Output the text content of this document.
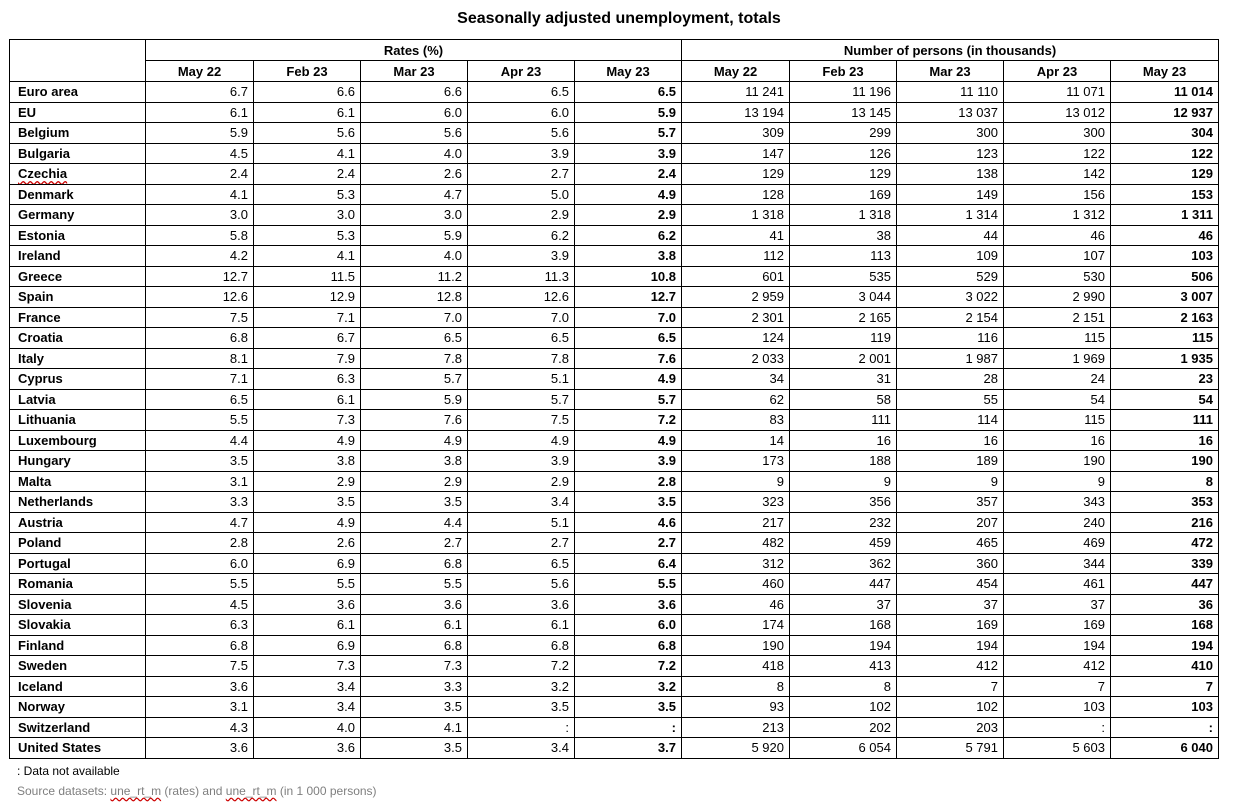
Seasonally adjusted unemployment, totals
	Rates (%)					Number of persons (in thousands)				
	May 22	Feb 23	Mar 23	Apr 23	May 23	May 22	Feb 23	Mar 23	Apr 23	May 23
Euro area	6.7	6.6	6.6	6.5	6.5	11 241	11 196	11 110	11 071	11 014
EU	6.1	6.1	6.0	6.0	5.9	13 194	13 145	13 037	13 012	12 937
Belgium	5.9	5.6	5.6	5.6	5.7	309	299	300	300	304
Bulgaria	4.5	4.1	4.0	3.9	3.9	147	126	123	122	122
Czechia	2.4	2.4	2.6	2.7	2.4	129	129	138	142	129
Denmark	4.1	5.3	4.7	5.0	4.9	128	169	149	156	153
Germany	3.0	3.0	3.0	2.9	2.9	1 318	1 318	1 314	1 312	1 311
Estonia	5.8	5.3	5.9	6.2	6.2	41	38	44	46	46
Ireland	4.2	4.1	4.0	3.9	3.8	112	113	109	107	103
Greece	12.7	11.5	11.2	11.3	10.8	601	535	529	530	506
Spain	12.6	12.9	12.8	12.6	12.7	2 959	3 044	3 022	2 990	3 007
France	7.5	7.1	7.0	7.0	7.0	2 301	2 165	2 154	2 151	2 163
Croatia	6.8	6.7	6.5	6.5	6.5	124	119	116	115	115
Italy	8.1	7.9	7.8	7.8	7.6	2 033	2 001	1 987	1 969	1 935
Cyprus	7.1	6.3	5.7	5.1	4.9	34	31	28	24	23
Latvia	6.5	6.1	5.9	5.7	5.7	62	58	55	54	54
Lithuania	5.5	7.3	7.6	7.5	7.2	83	111	114	115	111
Luxembourg	4.4	4.9	4.9	4.9	4.9	14	16	16	16	16
Hungary	3.5	3.8	3.8	3.9	3.9	173	188	189	190	190
Malta	3.1	2.9	2.9	2.9	2.8	9	9	9	9	8
Netherlands	3.3	3.5	3.5	3.4	3.5	323	356	357	343	353
Austria	4.7	4.9	4.4	5.1	4.6	217	232	207	240	216
Poland	2.8	2.6	2.7	2.7	2.7	482	459	465	469	472
Portugal	6.0	6.9	6.8	6.5	6.4	312	362	360	344	339
Romania	5.5	5.5	5.5	5.6	5.5	460	447	454	461	447
Slovenia	4.5	3.6	3.6	3.6	3.6	46	37	37	37	36
Slovakia	6.3	6.1	6.1	6.1	6.0	174	168	169	169	168
Finland	6.8	6.9	6.8	6.8	6.8	190	194	194	194	194
Sweden	7.5	7.3	7.3	7.2	7.2	418	413	412	412	410
Iceland	3.6	3.4	3.3	3.2	3.2	8	8	7	7	7
Norway	3.1	3.4	3.5	3.5	3.5	93	102	102	103	103
Switzerland	4.3	4.0	4.1	:	:	213	202	203	:	:
United States	3.6	3.6	3.5	3.4	3.7	5 920	6 054	5 791	5 603	6 040
: Data not available
Source datasets: une_rt_m (rates) and une_rt_m (in 1 000 persons)
